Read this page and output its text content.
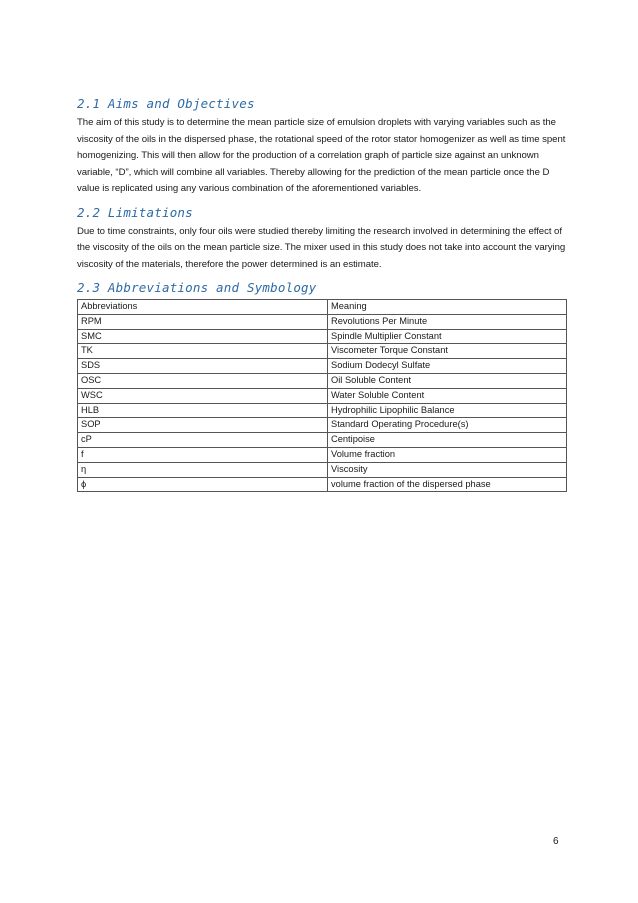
2.1 Aims and Objectives

The aim of this study is to determine the mean particle size of emulsion droplets with varying variables such as the viscosity of the oils in the dispersed phase, the rotational speed of the rotor stator homogenizer as well as time spent homogenizing. This will then allow for the production of a correlation graph of particle size against an unknown variable, “D”, which will combine all variables. Thereby allowing for the prediction of the mean particle once the D value is replicated using any various combination of the aforementioned variables.

2.2 Limitations

Due to time constraints, only four oils were studied thereby limiting the research involved in determining the effect of the viscosity of the oils on the mean particle size. The mixer used in this study does not take into account the varying viscosity of the materials, therefore the power determined is an estimate.

2.3 Abbreviations and Symbology
Abbreviations	Meaning
RPM	Revolutions Per Minute
SMC	Spindle Multiplier Constant
TK	Viscometer Torque Constant
SDS	Sodium Dodecyl Sulfate
OSC	Oil Soluble Content
WSC	Water Soluble Content
HLB	Hydrophilic Lipophilic Balance
SOP	Standard Operating Procedure(s)
cP	Centipoise
f	Volume fraction
η	Viscosity
ϕ	volume fraction of the dispersed phase
6
